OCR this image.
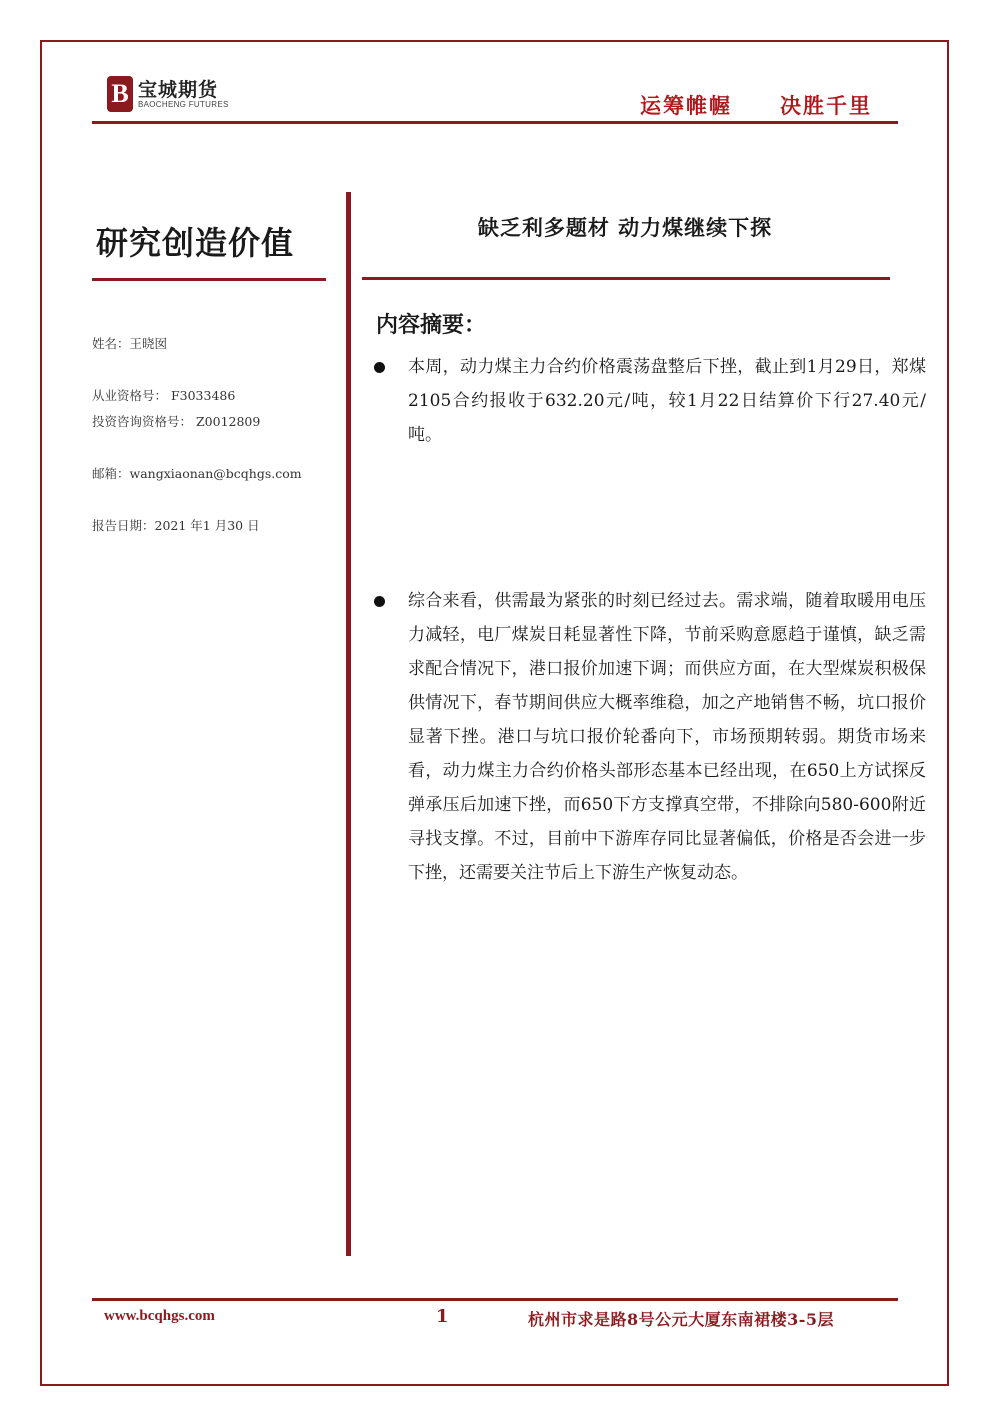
B 宝城期货
BAOCHENG FUTURES	运筹帷幄 决胜千里
研究创造价值
姓名：王晓囡
从业资格号： F3033486
投资咨询资格号： Z0012809
邮箱：wangxiaonan@bcqhgs.com
报告日期：2021 年1 月30 日
缺乏利多题材 动力煤继续下探
内容摘要：

本周，动力煤主力合约价格震荡盘整后下挫，截止到1月29日，郑煤2105合约报收于632.20元/吨，较1月22日结算价下行27.40元/吨。

综合来看，供需最为紧张的时刻已经过去。需求端，随着取暖用电压力减轻，电厂煤炭日耗显著性下降，节前采购意愿趋于谨慎，缺乏需求配合情况下，港口报价加速下调；而供应方面，在大型煤炭积极保供情况下，春节期间供应大概率维稳，加之产地销售不畅，坑口报价显著下挫。港口与坑口报价轮番向下，市场预期转弱。期货市场来看，动力煤主力合约价格头部形态基本已经出现，在650上方试探反弹承压后加速下挫，而650下方支撑真空带，不排除向580-600附近寻找支撑。不过，目前中下游库存同比显著偏低，价格是否会进一步下挫，还需要关注节后上下游生产恢复动态。

www.bcqhgs.com	1	杭州市求是路8号公元大厦东南裙楼3-5层
